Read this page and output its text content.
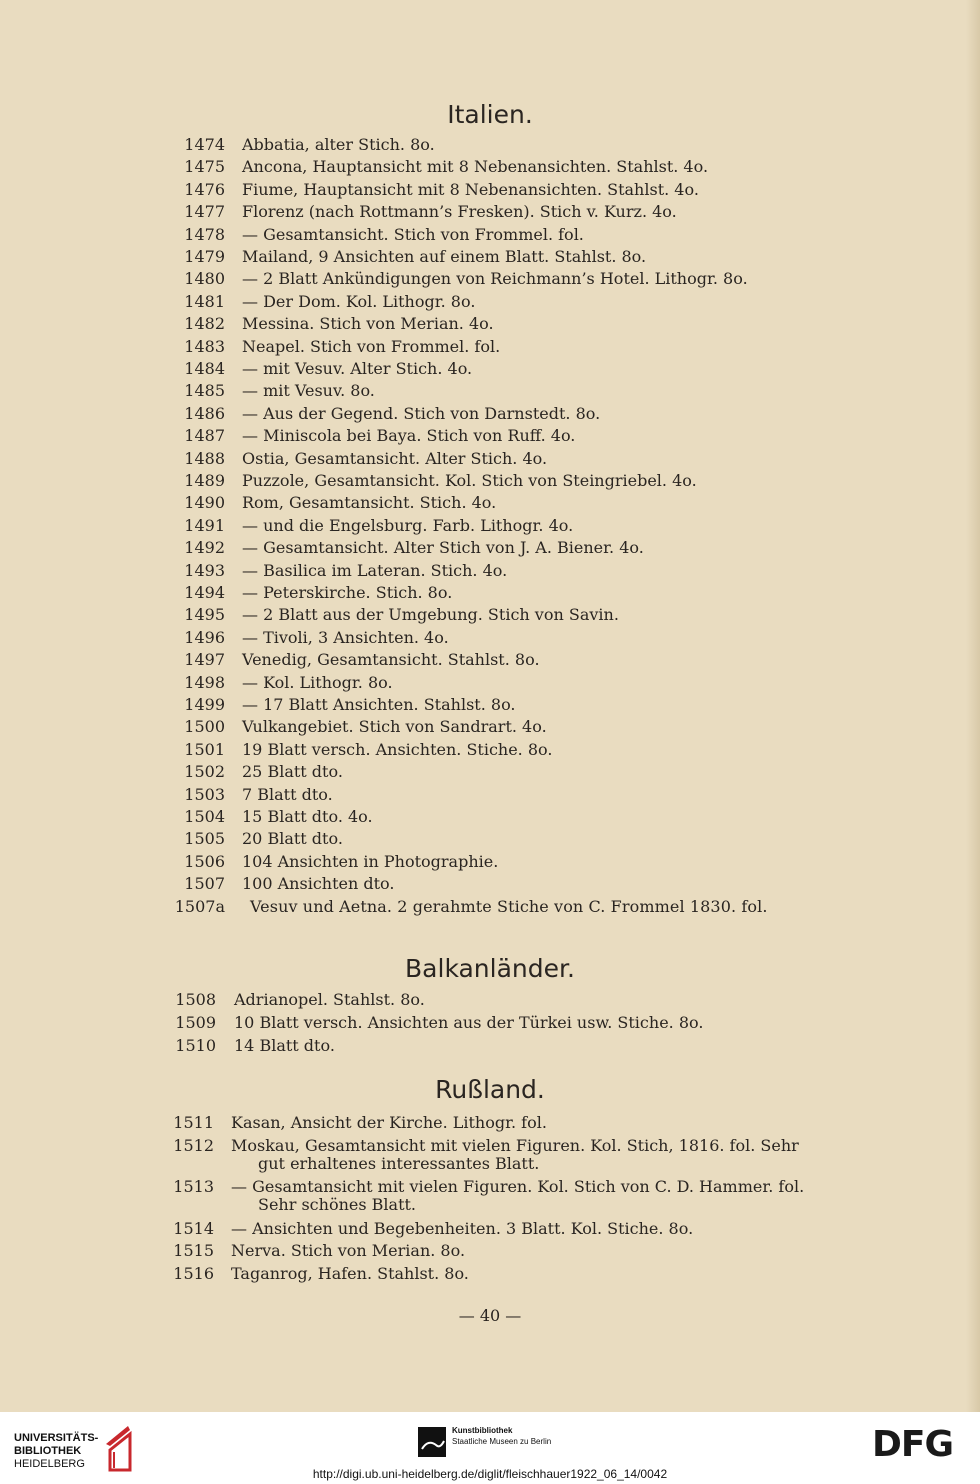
Italien.
1474 Abbatia, alter Stich. 8o.
1475 Ancona, Hauptansicht mit 8 Nebenansichten. Stahlst. 4o.
1476 Fiume, Hauptansicht mit 8 Nebenansichten. Stahlst. 4o.
1477 Florenz (nach Rottmann’s Fresken). Stich v. Kurz. 4o.
1478 — Gesamtansicht. Stich von Frommel. fol.
1479 Mailand, 9 Ansichten auf einem Blatt. Stahlst. 8o.
1480 — 2 Blatt Ankündigungen von Reichmann’s Hotel. Lithogr. 8o.
1481 — Der Dom. Kol. Lithogr. 8o.
1482 Messina. Stich von Merian. 4o.
1483 Neapel. Stich von Frommel. fol.
1484 — mit Vesuv. Alter Stich. 4o.
1485 — mit Vesuv. 8o.
1486 — Aus der Gegend. Stich von Darnstedt. 8o.
1487 — Miniscola bei Baya. Stich von Ruff. 4o.
1488 Ostia, Gesamtansicht. Alter Stich. 4o.
1489 Puzzole, Gesamtansicht. Kol. Stich von Steingriebel. 4o.
1490 Rom, Gesamtansicht. Stich. 4o.
1491 — und die Engelsburg. Farb. Lithogr. 4o.
1492 — Gesamtansicht. Alter Stich von J. A. Biener. 4o.
1493 — Basilica im Lateran. Stich. 4o.
1494 — Peterskirche. Stich. 8o.
1495 — 2 Blatt aus der Umgebung. Stich von Savin.
1496 — Tivoli, 3 Ansichten. 4o.
1497 Venedig, Gesamtansicht. Stahlst. 8o.
1498 — Kol. Lithogr. 8o.
1499 — 17 Blatt Ansichten. Stahlst. 8o.
1500 Vulkangebiet. Stich von Sandrart. 4o.
1501 19 Blatt versch. Ansichten. Stiche. 8o.
1502 25 Blatt dto.
1503 7 Blatt dto.
1504 15 Blatt dto. 4o.
1505 20 Blatt dto.
1506 104 Ansichten in Photographie.
1507 100 Ansichten dto.
1507a Vesuv und Aetna. 2 gerahmte Stiche von C. Frommel 1830. fol.
Balkanländer.
1508 Adrianopel. Stahlst. 8o.
1509 10 Blatt versch. Ansichten aus der Türkei usw. Stiche. 8o.
1510 14 Blatt dto.
Rußland.
1511 Kasan, Ansicht der Kirche. Lithogr. fol.
1512 Moskau, Gesamtansicht mit vielen Figuren. Kol. Stich, 1816. fol. Sehr
gut erhaltenes interessantes Blatt.
1513 — Gesamtansicht mit vielen Figuren. Kol. Stich von C. D. Hammer. fol.
Sehr schönes Blatt.
1514 — Ansichten und Begebenheiten. 3 Blatt. Kol. Stiche. 8o.
1515 Nerva. Stich von Merian. 8o.
1516 Taganrog, Hafen. Stahlst. 8o.
— 40 —
UNIVERSITÄTS-
BIBLIOTHEK
HEIDELBERG
Kunstbibliothek
Staatliche Museen zu Berlin	DFG
http://digi.ub.uni-heidelberg.de/diglit/fleischhauer1922_06_14/0042
